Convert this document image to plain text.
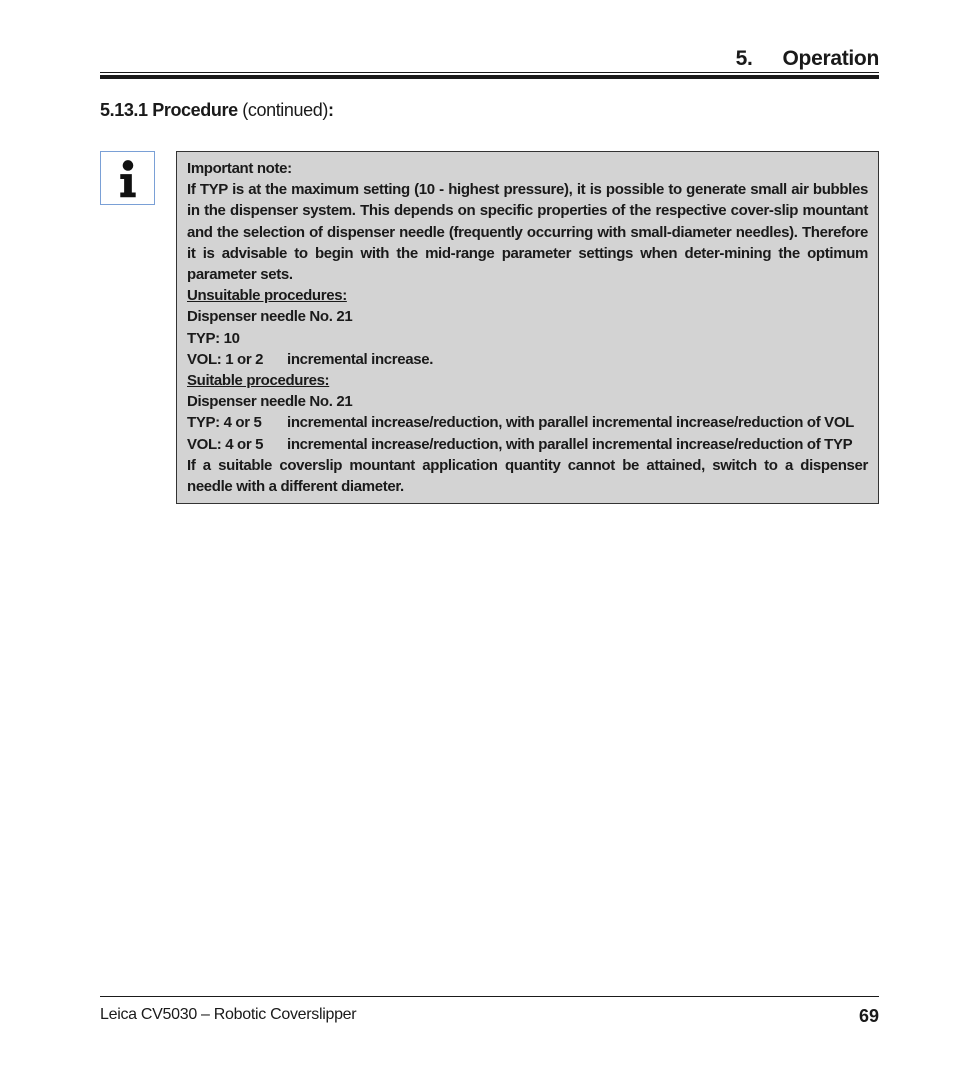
5. Operation
5.13.1 Procedure (continued):
Important note:
If TYP is at the maximum setting (10 - highest pressure), it is possible to generate small air bubbles in the dispenser system. This depends on specific properties of the respective cover-slip mountant and the selection of dispenser needle (frequently occurring with small-diameter needles). Therefore it is advisable to begin with the mid-range parameter settings when deter-mining the optimum parameter sets.
Unsuitable procedures:
Dispenser needle No. 21
TYP: 10
VOL: 1 or 2	incremental increase.
Suitable procedures:
Dispenser needle No. 21
TYP: 4 or 5	incremental increase/reduction, with parallel incremental increase/reduction of VOL
VOL: 4 or 5	incremental increase/reduction, with parallel incremental increase/reduction of TYP
If a suitable coverslip mountant application quantity cannot be attained, switch to a dispenser needle with a different diameter.
Leica CV5030 – Robotic Coverslipper	69
